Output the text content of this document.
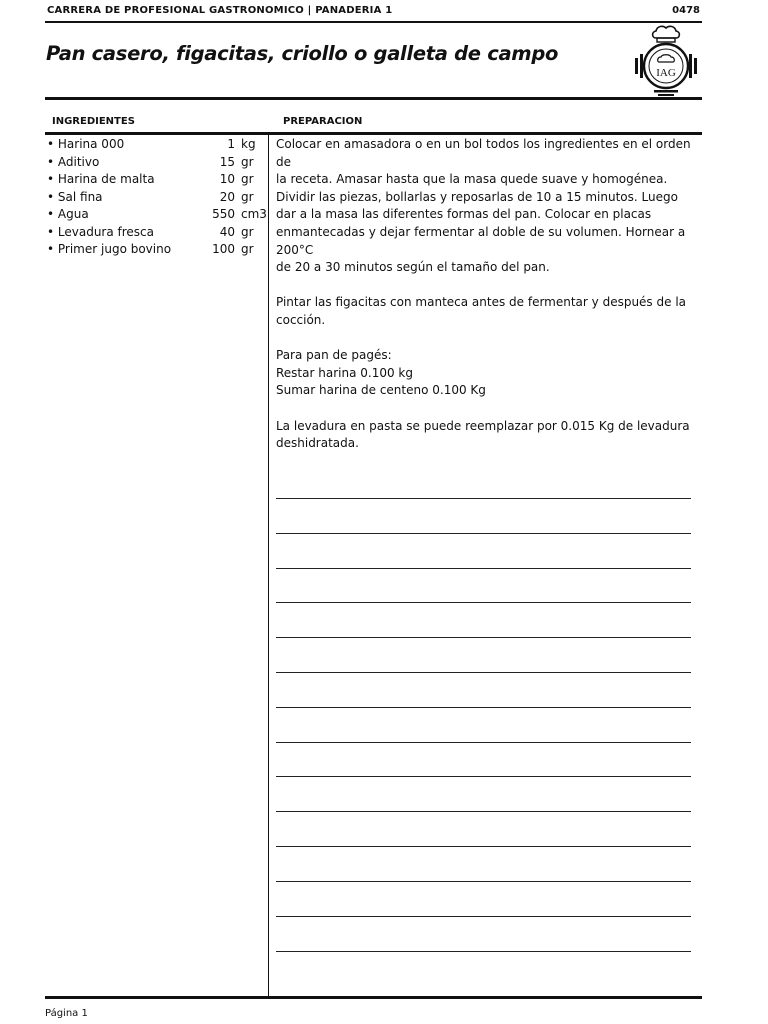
CARRERA DE PROFESIONAL GASTRONOMICO | PANADERIA 1	0478
Pan casero, figacitas, criollo o galleta de campo
IAG
INGREDIENTES	PREPARACION
• Harina 000	1 kg
• Aditivo	15 gr
• Harina de malta	10 gr
• Sal fina	20 gr
• Agua	550 cm3
• Levadura fresca	40 gr
• Primer jugo bovino	100 gr

Colocar en amasadora o en un bol todos los ingredientes en el orden de
la receta. Amasar hasta que la masa quede suave y homogénea.
Dividir las piezas, bollarlas y reposarlas de 10 a 15 minutos. Luego
dar a la masa las diferentes formas del pan. Colocar en placas
enmantecadas y dejar fermentar al doble de su volumen. Hornear a 200°C
de 20 a 30 minutos según el tamaño del pan.

Pintar las figacitas con manteca antes de fermentar y después de la
cocción.

Para pan de pagés:
Restar harina 0.100 kg
Sumar harina de centeno 0.100 Kg

La levadura en pasta se puede reemplazar por 0.015 Kg de levadura
deshidratada.

Página 1
